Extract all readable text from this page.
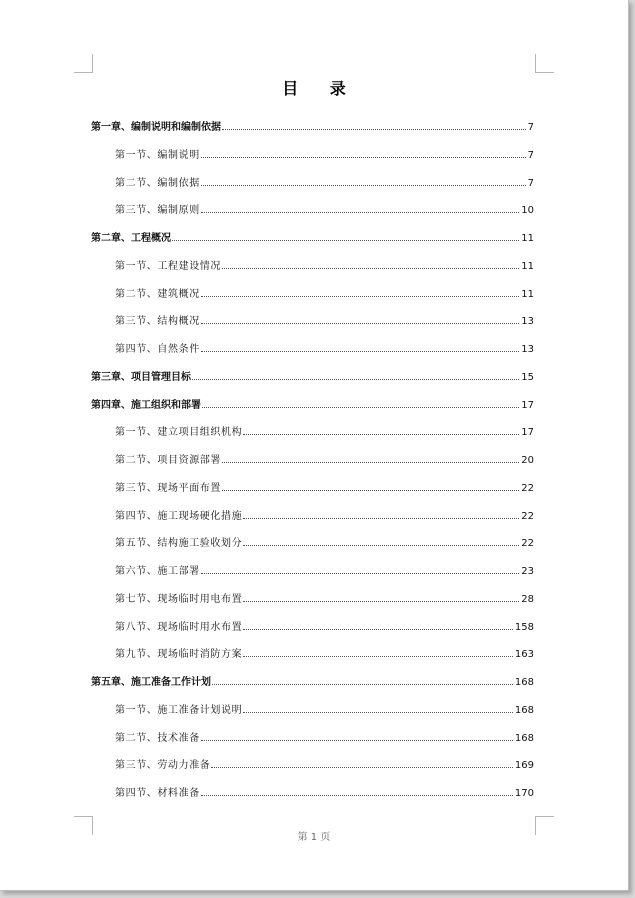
目 录
第一章、编制说明和编制依据	7
第一节、编制说明	7
第二节、编制依据	7
第三节、编制原则	10
第二章、工程概况	11
第一节、工程建设情况	11
第二节、建筑概况	11
第三节、结构概况	13
第四节、自然条件	13
第三章、项目管理目标	15
第四章、施工组织和部署	17
第一节、建立项目组织机构	17
第二节、项目资源部署	20
第三节、现场平面布置	22
第四节、施工现场硬化措施	22
第五节、结构施工验收划分	22
第六节、施工部署	23
第七节、现场临时用电布置	28
第八节、现场临时用水布置	158
第九节、现场临时消防方案	163
第五章、施工准备工作计划	168
第一节、施工准备计划说明	168
第二节、技术准备	168
第三节、劳动力准备	169
第四节、材料准备	170
第 1 页
